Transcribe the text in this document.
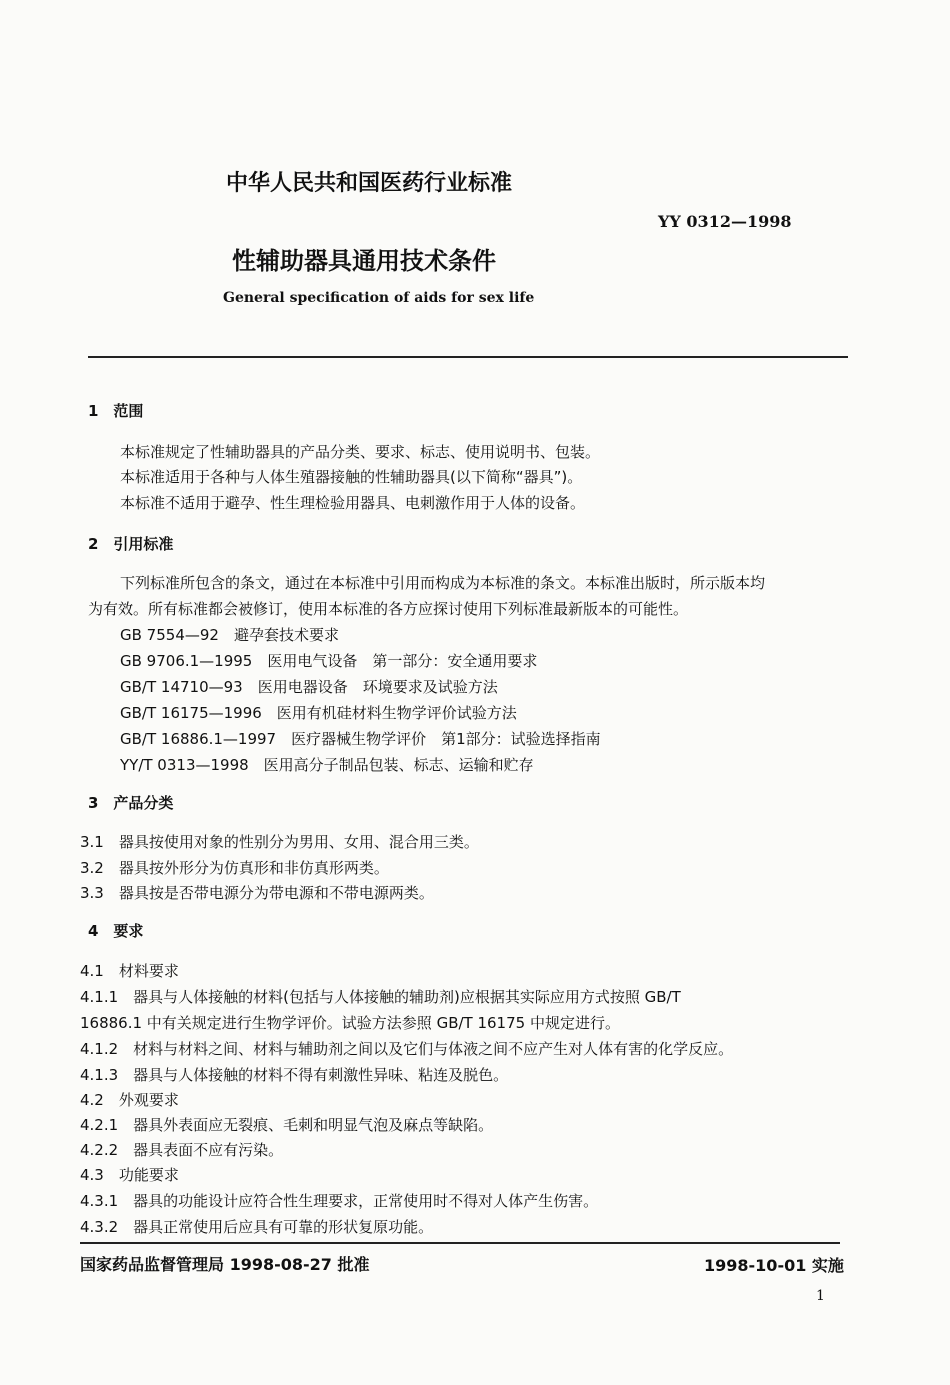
中华人民共和国医药行业标准
YY 0312—1998
性辅助器具通用技术条件
General specification of aids for sex life
1　范围
本标准规定了性辅助器具的产品分类、要求、标志、使用说明书、包装。
本标准适用于各种与人体生殖器接触的性辅助器具(以下简称“器具”)。
本标准不适用于避孕、性生理检验用器具、电刺激作用于人体的设备。
2　引用标准
下列标准所包含的条文，通过在本标准中引用而构成为本标准的条文。本标准出版时，所示版本均
为有效。所有标准都会被修订，使用本标准的各方应探讨使用下列标准最新版本的可能性。
GB 7554—92　避孕套技术要求
GB 9706.1—1995　医用电气设备　第一部分：安全通用要求
GB/T 14710—93　医用电器设备　环境要求及试验方法
GB/T 16175—1996　医用有机硅材料生物学评价试验方法
GB/T 16886.1—1997　医疗器械生物学评价　第1部分：试验选择指南
YY/T 0313—1998　医用高分子制品包装、标志、运输和贮存
3　产品分类
3.1　器具按使用对象的性别分为男用、女用、混合用三类。
3.2　器具按外形分为仿真形和非仿真形两类。
3.3　器具按是否带电源分为带电源和不带电源两类。
4　要求
4.1　材料要求
4.1.1　器具与人体接触的材料(包括与人体接触的辅助剂)应根据其实际应用方式按照 GB/T
16886.1 中有关规定进行生物学评价。试验方法参照 GB/T 16175 中规定进行。
4.1.2　材料与材料之间、材料与辅助剂之间以及它们与体液之间不应产生对人体有害的化学反应。
4.1.3　器具与人体接触的材料不得有刺激性异味、粘连及脱色。
4.2　外观要求
4.2.1　器具外表面应无裂痕、毛刺和明显气泡及麻点等缺陷。
4.2.2　器具表面不应有污染。
4.3　功能要求
4.3.1　器具的功能设计应符合性生理要求，正常使用时不得对人体产生伤害。
4.3.2　器具正常使用后应具有可靠的形状复原功能。
国家药品监督管理局 1998-08-27 批准	1998-10-01 实施
1
